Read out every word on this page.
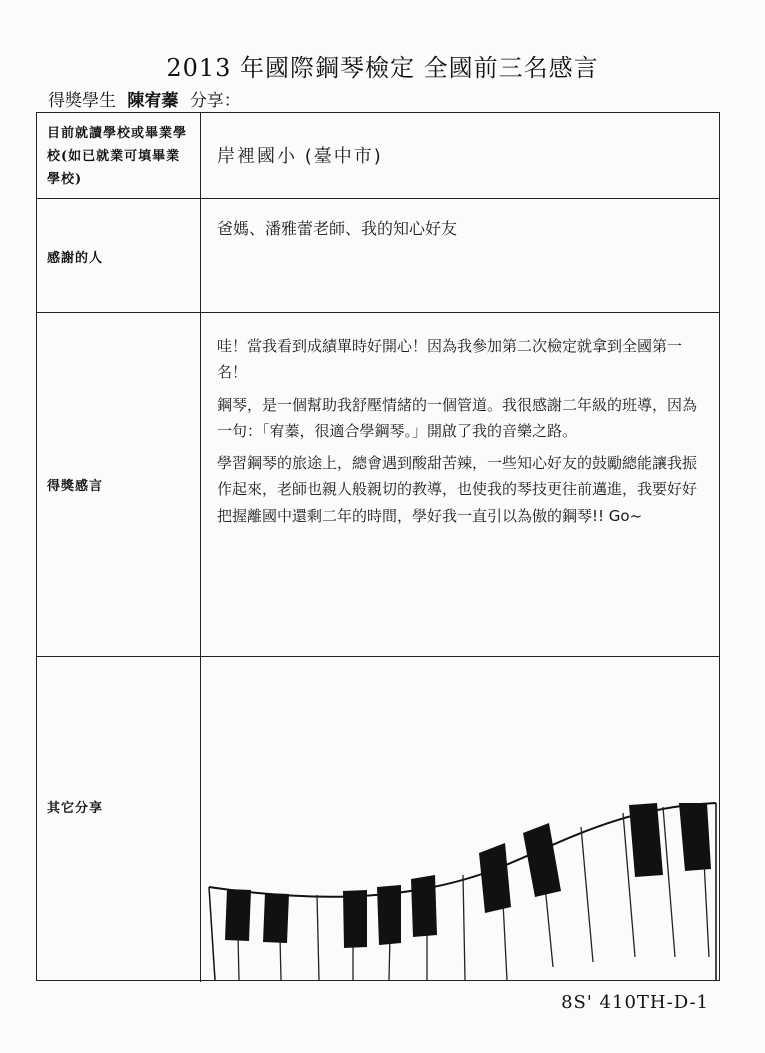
2013 年國際鋼琴檢定 全國前三名感言
得獎學生 陳宥蓁 分享：
目前就讀學校或畢業學校(如已就業可填畢業學校)
岸裡國小 (臺中市)
感謝的人
爸媽、潘雅蕾老師、我的知心好友
得獎感言

哇！當我看到成績單時好開心！因為我參加第二次檢定就拿到全國第一名！

鋼琴，是一個幫助我舒壓情緒的一個管道。我很感謝二年級的班導，因為一句：「宥蓁，很適合學鋼琴。」開啟了我的音樂之路。

學習鋼琴的旅途上，總會遇到酸甜苦辣，一些知心好友的鼓勵總能讓我振作起來，老師也親人般親切的教導，也使我的琴技更往前邁進，我要好好把握離國中還剩二年的時間，學好我一直引以為傲的鋼琴!! Go~

其它分享
8S' 410TH-D-1
